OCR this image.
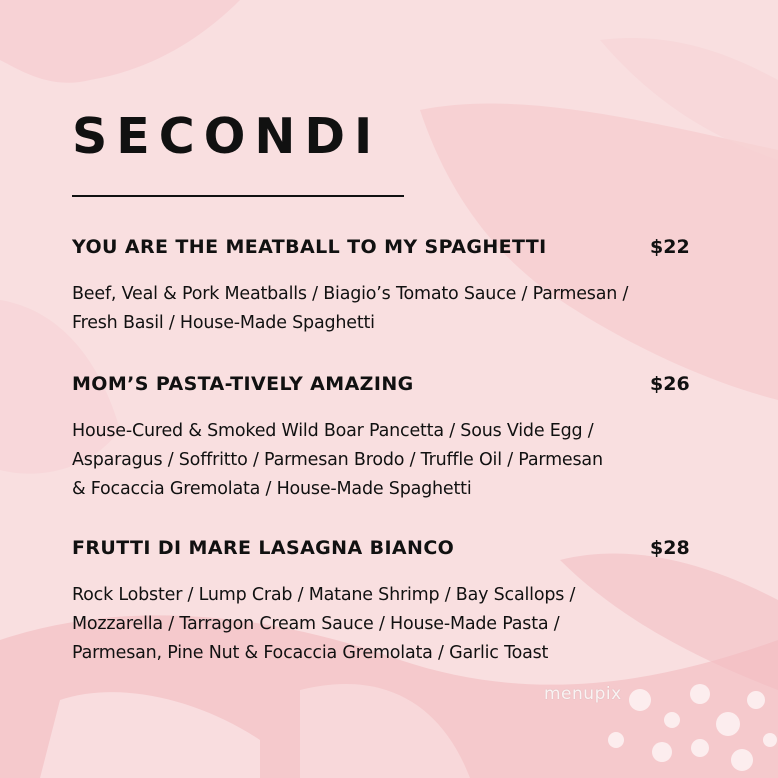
SECONDI
YOU ARE THE MEATBALL TO MY SPAGHETTI	$22
Beef, Veal & Pork Meatballs / Biagio’s Tomato Sauce / Parmesan /
Fresh Basil / House-Made Spaghetti
MOM’S PASTA-TIVELY AMAZING	$26
House-Cured & Smoked Wild Boar Pancetta / Sous Vide Egg /
Asparagus / Soffritto / Parmesan Brodo / Truffle Oil / Parmesan
& Focaccia Gremolata / House-Made Spaghetti
FRUTTI DI MARE LASAGNA BIANCO	$28
Rock Lobster / Lump Crab / Matane Shrimp / Bay Scallops /
Mozzarella / Tarragon Cream Sauce / House-Made Pasta /
Parmesan, Pine Nut & Focaccia Gremolata / Garlic Toast
menupix
